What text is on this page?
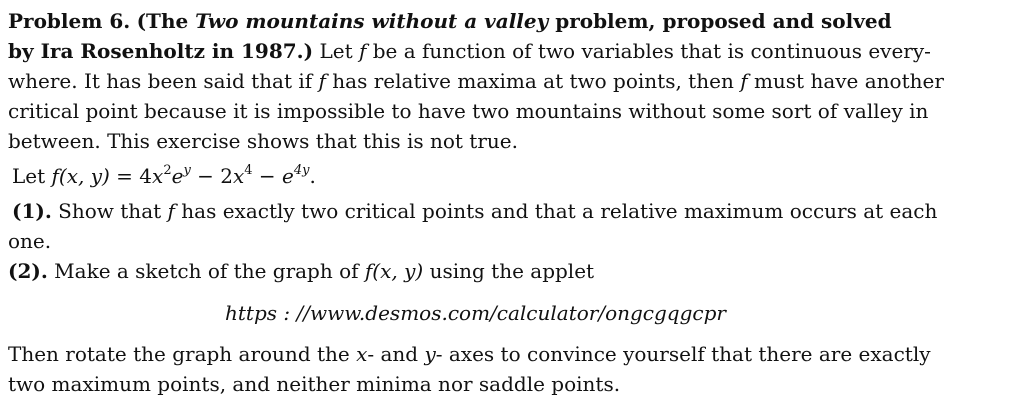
Problem 6. (The Two mountains without a valley problem, proposed and solved
by Ira Rosenholtz in 1987.) Let f be a function of two variables that is continuous every-
where. It has been said that if f has relative maxima at two points, then f must have another
critical point because it is impossible to have two mountains without some sort of valley in
between. This exercise shows that this is not true.
Let f(x, $y) = 4x^2e^y - 2x^4 - e^{4y}$.
(1). Show that f has exactly two critical points and that a relative maximum occurs at each
one.
(2). Make a sketch of the graph of f(x, y) using the applet
https : //www.desmos.com/calculator/ongcgqgcpr
Then rotate the graph around the x- and y- axes to convince yourself that there are exactly
two maximum points, and neither minima nor saddle points.
